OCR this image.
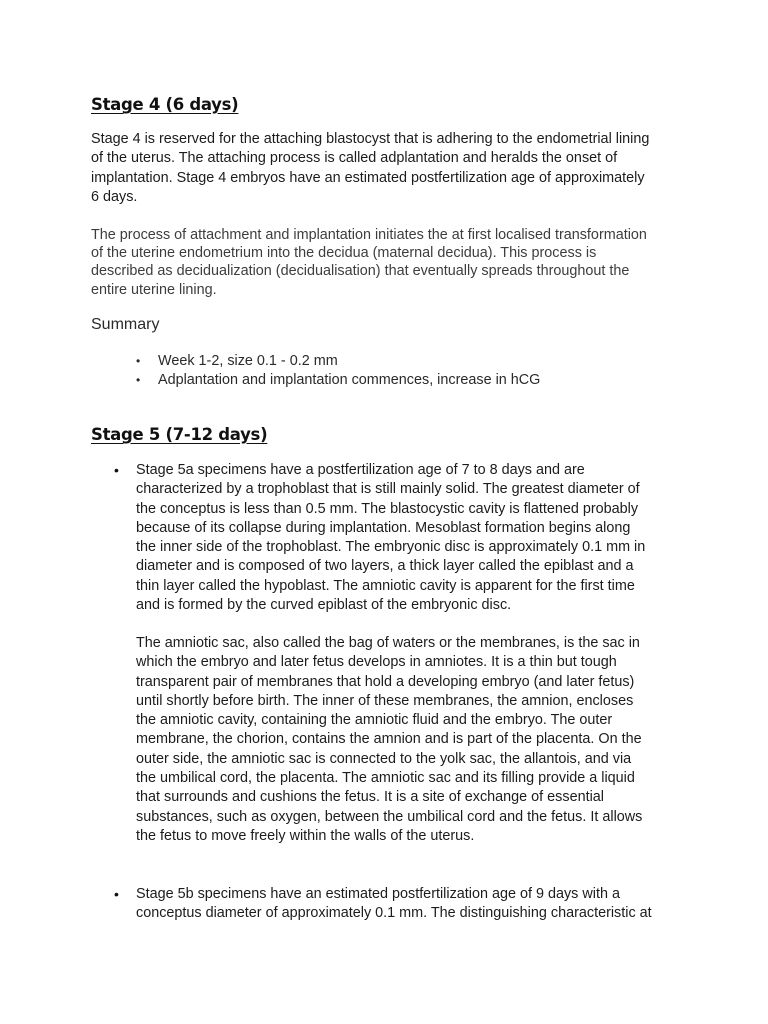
Stage 4 (6 days)
Stage 4 is reserved for the attaching blastocyst that is adhering to the endometrial lining
of the uterus. The attaching process is called adplantation and heralds the onset of
implantation. Stage 4 embryos have an estimated postfertilization age of approximately
6 days.
The process of attachment and implantation initiates the at first localised transformation
of the uterine endometrium into the decidua (maternal decidua). This process is
described as decidualization (decidualisation) that eventually spreads throughout the
entire uterine lining.
Summary
• Week 1-2, size 0.1 - 0.2 mm
• Adplantation and implantation commences, increase in hCG
Stage 5 (7-12 days)
• Stage 5a specimens have a postfertilization age of 7 to 8 days and are
characterized by a trophoblast that is still mainly solid. The greatest diameter of
the conceptus is less than 0.5 mm. The blastocystic cavity is flattened probably
because of its collapse during implantation. Mesoblast formation begins along
the inner side of the trophoblast. The embryonic disc is approximately 0.1 mm in
diameter and is composed of two layers, a thick layer called the epiblast and a
thin layer called the hypoblast. The amniotic cavity is apparent for the first time
and is formed by the curved epiblast of the embryonic disc.
The amniotic sac, also called the bag of waters or the membranes, is the sac in
which the embryo and later fetus develops in amniotes. It is a thin but tough
transparent pair of membranes that hold a developing embryo (and later fetus)
until shortly before birth. The inner of these membranes, the amnion, encloses
the amniotic cavity, containing the amniotic fluid and the embryo. The outer
membrane, the chorion, contains the amnion and is part of the placenta. On the
outer side, the amniotic sac is connected to the yolk sac, the allantois, and via
the umbilical cord, the placenta. The amniotic sac and its filling provide a liquid
that surrounds and cushions the fetus. It is a site of exchange of essential
substances, such as oxygen, between the umbilical cord and the fetus. It allows
the fetus to move freely within the walls of the uterus.
• Stage 5b specimens have an estimated postfertilization age of 9 days with a
conceptus diameter of approximately 0.1 mm. The distinguishing characteristic at
